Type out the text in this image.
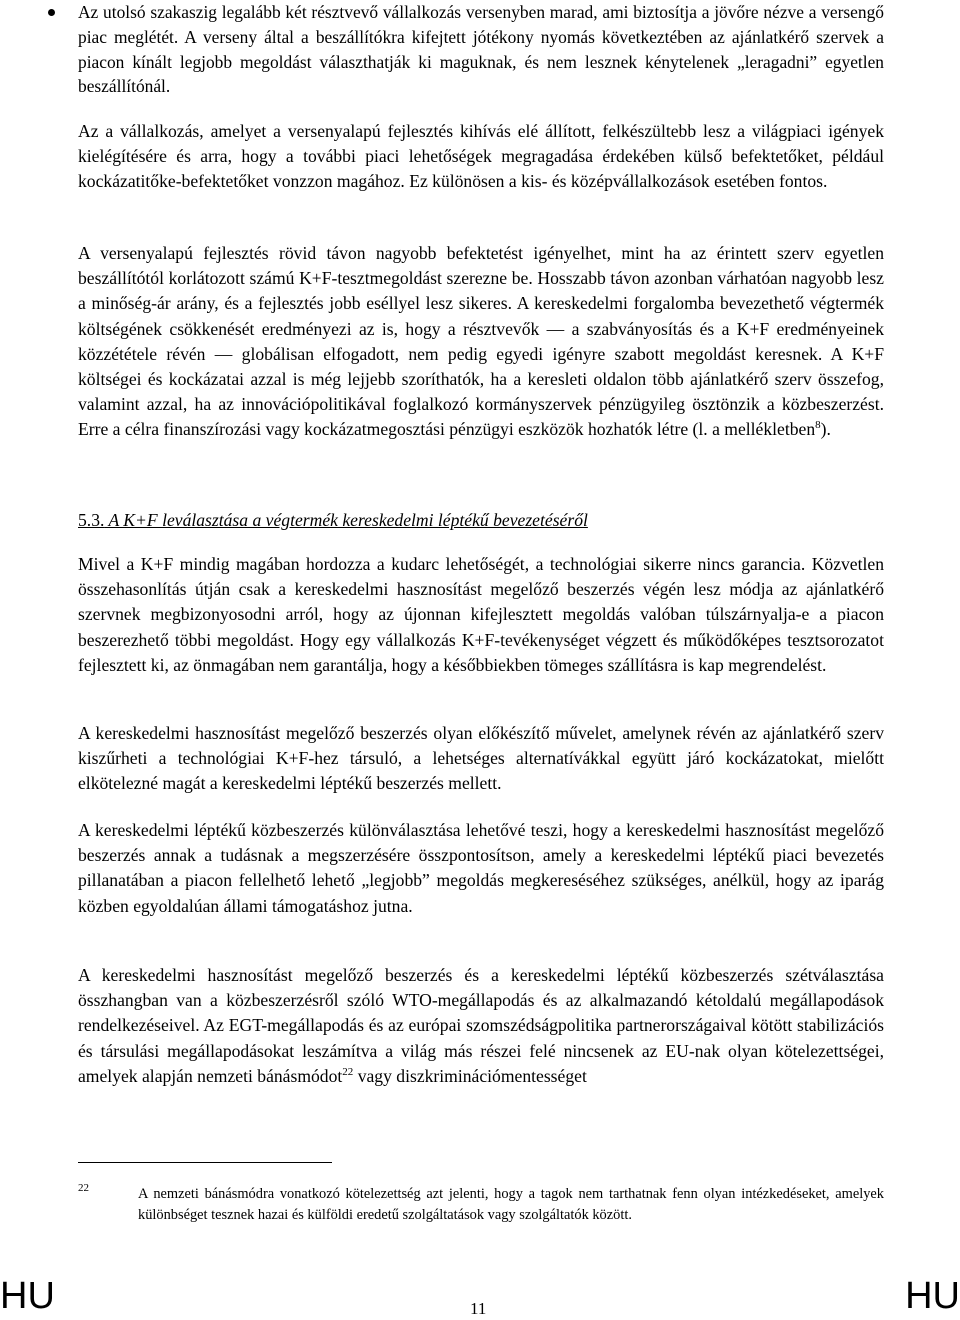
Az utolsó szakaszig legalább két résztvevő vállalkozás versenyben marad, ami biztosítja a jövőre nézve a versengő piac meglétét. A verseny által a beszállítókra kifejtett jótékony nyomás következtében az ajánlatkérő szervek a piacon kínált legjobb megoldást választhatják ki maguknak, és nem lesznek kénytelenek „leragadni” egyetlen beszállítónál.

Az a vállalkozás, amelyet a versenyalapú fejlesztés kihívás elé állított, felkészültebb lesz a világpiaci igények kielégítésére és arra, hogy a további piaci lehetőségek megragadása érdekében külső befektetőket, például kockázatitőke-befektetőket vonzzon magához. Ez különösen a kis- és középvállalkozások esetében fontos.

A versenyalapú fejlesztés rövid távon nagyobb befektetést igényelhet, mint ha az érintett szerv egyetlen beszállítótól korlátozott számú K+F-tesztmegoldást szerezne be. Hosszabb távon azonban várhatóan nagyobb lesz a minőség-ár arány, és a fejlesztés jobb eséllyel lesz sikeres. A kereskedelmi forgalomba bevezethető végtermék költségének csökkenését eredményezi az is, hogy a résztvevők — a szabványosítás és a K+F eredményeinek közzététele révén — globálisan elfogadott, nem pedig egyedi igényre szabott megoldást keresnek. A K+F költségei és kockázatai azzal is még lejjebb szoríthatók, ha a keresleti oldalon több ajánlatkérő szerv összefog, valamint azzal, ha az innovációpolitikával foglalkozó kormányszervek pénzügyileg ösztönzik a közbeszerzést. Erre a célra finanszírozási vagy kockázatmegosztási pénzügyi eszközök hozhatók létre (l. a mellékletben$^8$).

5.3. A K+F leválasztása a végtermék kereskedelmi léptékű bevezetéséről

Mivel a K+F mindig magában hordozza a kudarc lehetőségét, a technológiai sikerre nincs garancia. Közvetlen összehasonlítás útján csak a kereskedelmi hasznosítást megelőző beszerzés végén lesz módja az ajánlatkérő szervnek megbizonyosodni arról, hogy az újonnan kifejlesztett megoldás valóban túlszárnyalja-e a piacon beszerezhető többi megoldást. Hogy egy vállalkozás K+F-tevékenységet végzett és működőképes tesztsorozatot fejlesztett ki, az önmagában nem garantálja, hogy a későbbiekben tömeges szállításra is kap megrendelést.

A kereskedelmi hasznosítást megelőző beszerzés olyan előkészítő művelet, amelynek révén az ajánlatkérő szerv kiszűrheti a technológiai K+F-hez társuló, a lehetséges alternatívákkal együtt járó kockázatokat, mielőtt elkötelezné magát a kereskedelmi léptékű beszerzés mellett.

A kereskedelmi léptékű közbeszerzés különválasztása lehetővé teszi, hogy a kereskedelmi hasznosítást megelőző beszerzés annak a tudásnak a megszerzésére összpontosítson, amely a kereskedelmi léptékű piaci bevezetés pillanatában a piacon fellelhető lehető „legjobb” megoldás megkereséséhez szükséges, anélkül, hogy az iparág közben egyoldalúan állami támogatáshoz jutna.

A kereskedelmi hasznosítást megelőző beszerzés és a kereskedelmi léptékű közbeszerzés szétválasztása összhangban van a közbeszerzésről szóló WTO-megállapodás és az alkalmazandó kétoldalú megállapodások rendelkezéseivel. Az EGT-megállapodás és az európai szomszédságpolitika partnerországaival kötött stabilizációs és társulási megállapodásokat leszámítva a világ más részei felé nincsenek az EU-nak olyan kötelezettségei, amelyek alapján nemzeti bánásmódot$^{22}$ vagy diszkriminációmentességet

22	A nemzeti bánásmódra vonatkozó kötelezettség azt jelenti, hogy a tagok nem tarthatnak fenn olyan intézkedéseket, amelyek különbséget tesznek hazai és külföldi eredetű szolgáltatások vagy szolgáltatók között.
HU	11	HU
